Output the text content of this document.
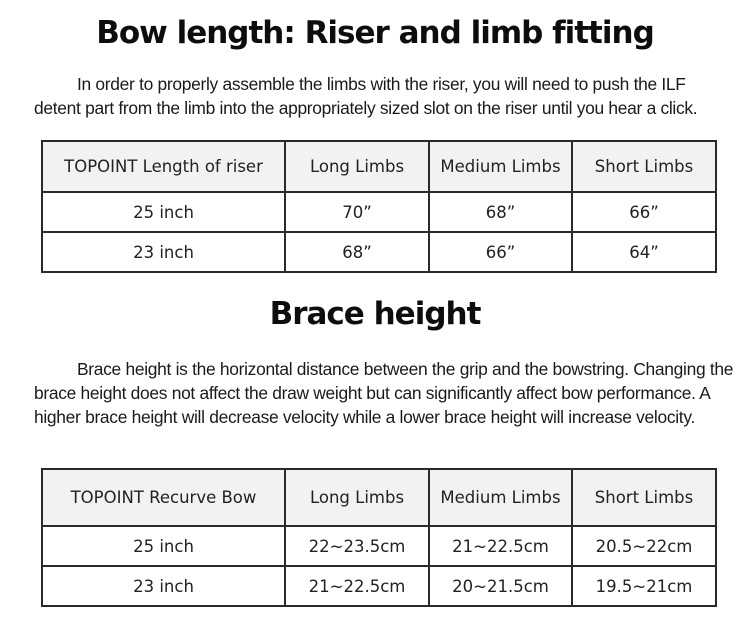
Bow length: Riser and limb fitting

In order to properly assemble the limbs with the riser, you will need to push the ILF detent part from the limb into the appropriately sized slot on the riser until you hear a click.

TOPOINT Length of riser	Long Limbs	Medium Limbs	Short Limbs
25 inch	70”	68”	66”
23 inch	68”	66”	64”
Brace height

Brace height is the horizontal distance between the grip and the bowstring. Changing the brace height does not affect the draw weight but can significantly affect bow performance. A higher brace height will decrease velocity while a lower brace height will increase velocity.

TOPOINT Recurve Bow	Long Limbs	Medium Limbs	Short Limbs
25 inch	22~23.5cm	21~22.5cm	20.5~22cm
23 inch	21~22.5cm	20~21.5cm	19.5~21cm
